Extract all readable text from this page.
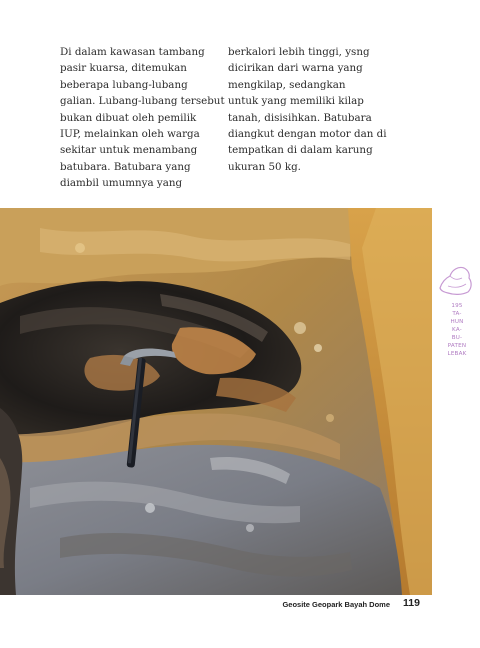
Di dalam kawasan tambang
pasir kuarsa, ditemukan
beberapa lubang-lubang
galian. Lubang-lubang tersebut
bukan dibuat oleh pemilik
IUP, melainkan oleh warga
sekitar untuk menambang
batubara. Batubara yang
diambil umumnya yang

berkalori lebih tinggi, ysng
dicirikan dari warna yang
mengkilap, sedangkan
untuk yang memiliki kilap
tanah, disisihkan. Batubara
diangkut dengan motor dan di
tempatkan di dalam karung
ukuran 50 kg.

195
TA-
HUN
KA-
BU-
PATEN
LEBAK

Geosite Geopark Bayah Dome 119
